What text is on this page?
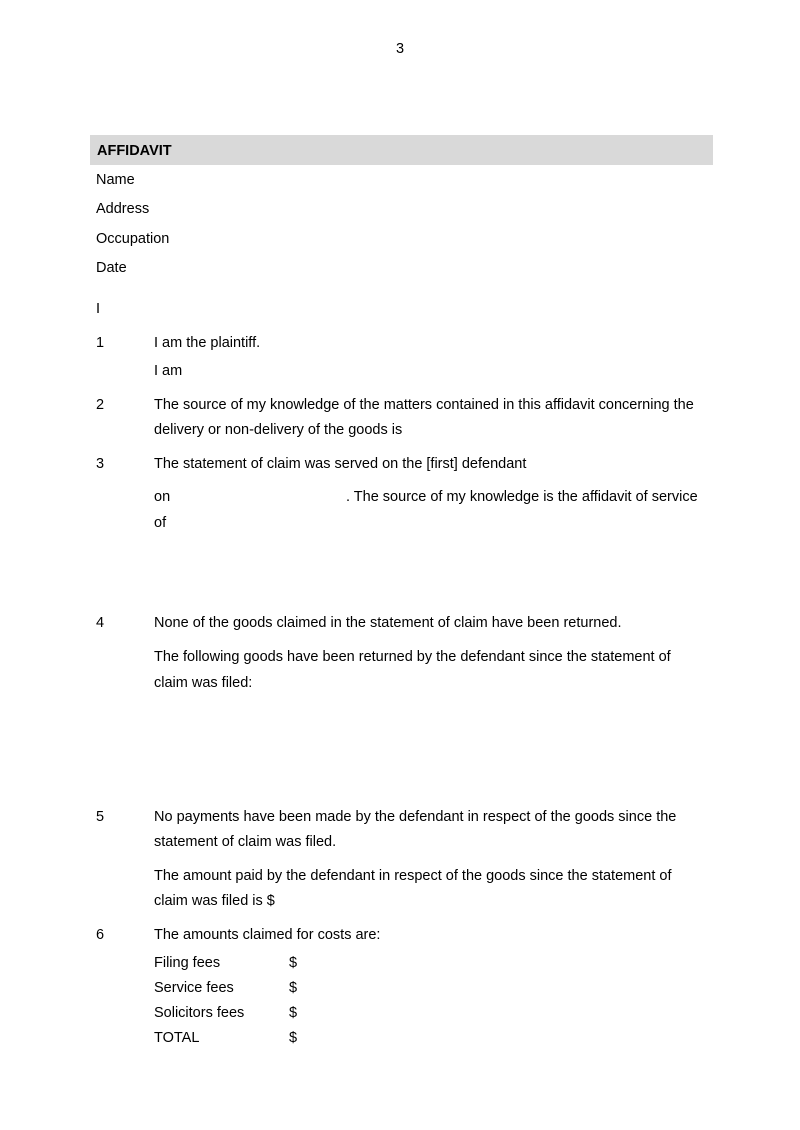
3
AFFIDAVIT
Name
Address
Occupation
Date
I
1	I am the plaintiff.
I am
2	The source of my knowledge of the matters contained in this affidavit concerning the
delivery or non-delivery of the goods is
3	The statement of claim was served on the [first] defendant
on	. The source of my knowledge is the affidavit of service
of
4	None of the goods claimed in the statement of claim have been returned.
The following goods have been returned by the defendant since the statement of
claim was filed:
5	No payments have been made by the defendant in respect of the goods since the
statement of claim was filed.
The amount paid by the defendant in respect of the goods since the statement of
claim was filed is $
6	The amounts claimed for costs are:
Filing fees	$
Service fees	$
Solicitors fees	$
TOTAL	$
